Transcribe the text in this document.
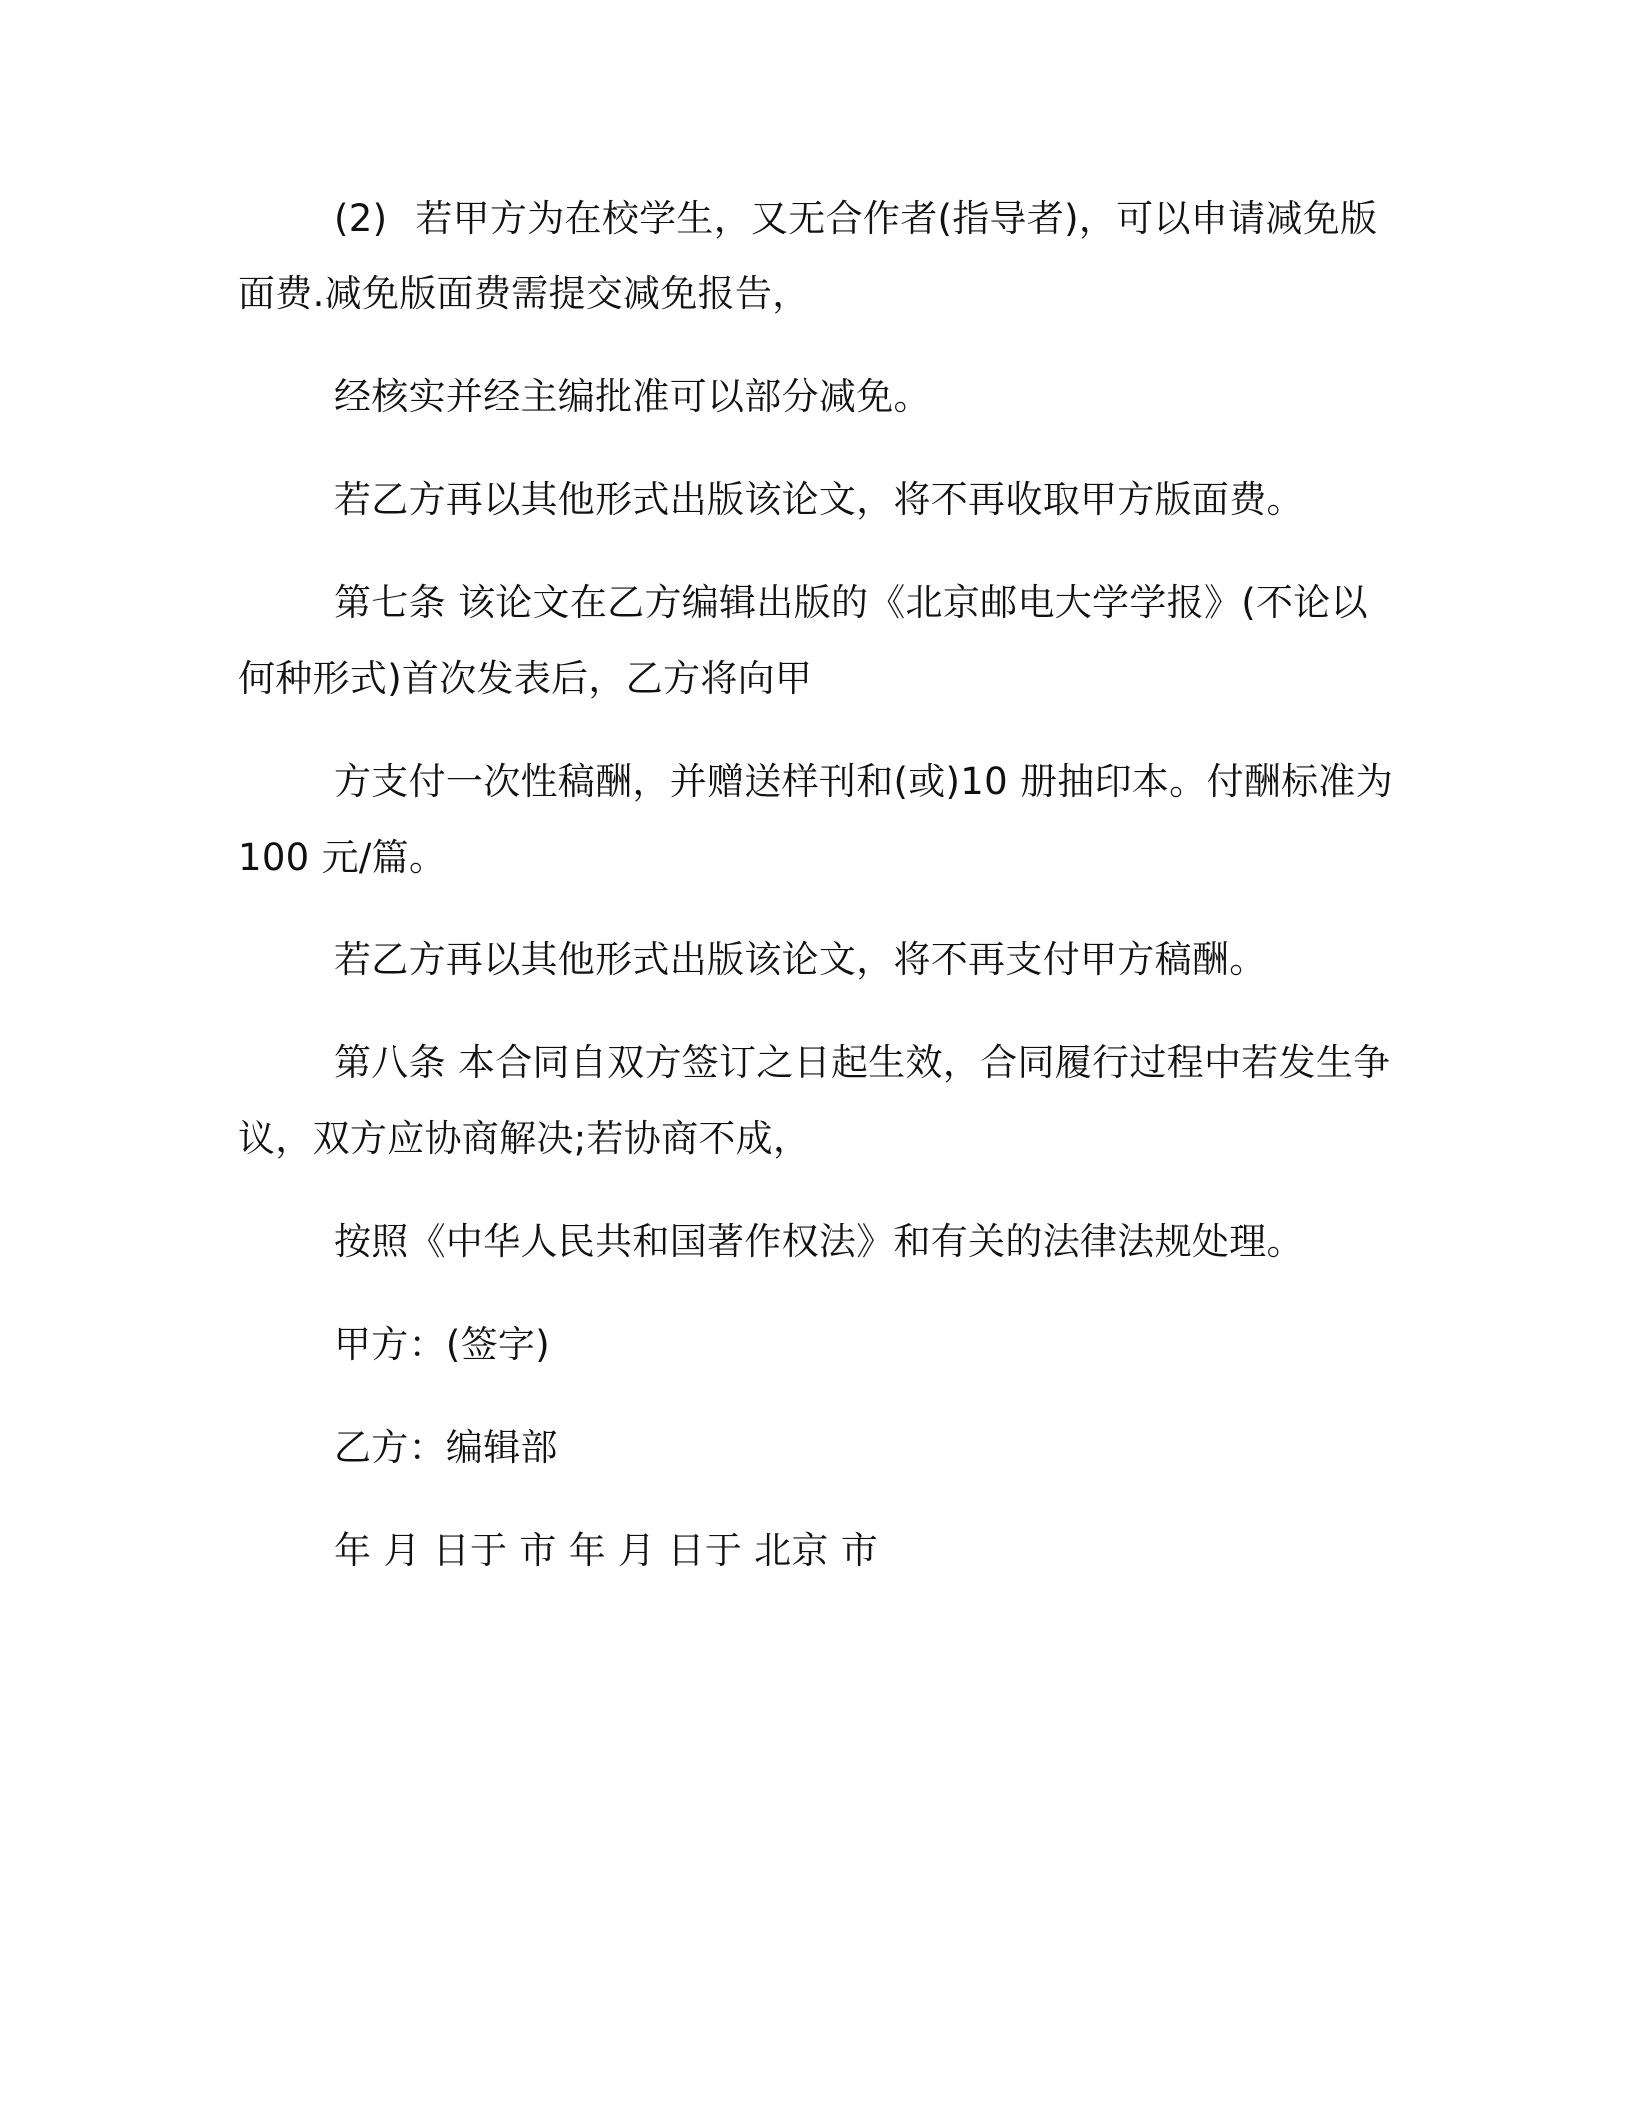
(2) 若甲方为在校学生，又无合作者(指导者)，可以申请减免版

面费.减免版面费需提交减免报告，

经核实并经主编批准可以部分减免。

若乙方再以其他形式出版该论文，将不再收取甲方版面费。

第七条 该论文在乙方编辑出版的《北京邮电大学学报》(不论以

何种形式)首次发表后，乙方将向甲

方支付一次性稿酬，并赠送样刊和(或)10 册抽印本。付酬标准为

100 元/篇。

若乙方再以其他形式出版该论文，将不再支付甲方稿酬。

第八条 本合同自双方签订之日起生效，合同履行过程中若发生争

议，双方应协商解决;若协商不成，

按照《中华人民共和国著作权法》和有关的法律法规处理。

甲方：(签字)

乙方：编辑部

年 月 日于 市 年 月 日于 北京 市
